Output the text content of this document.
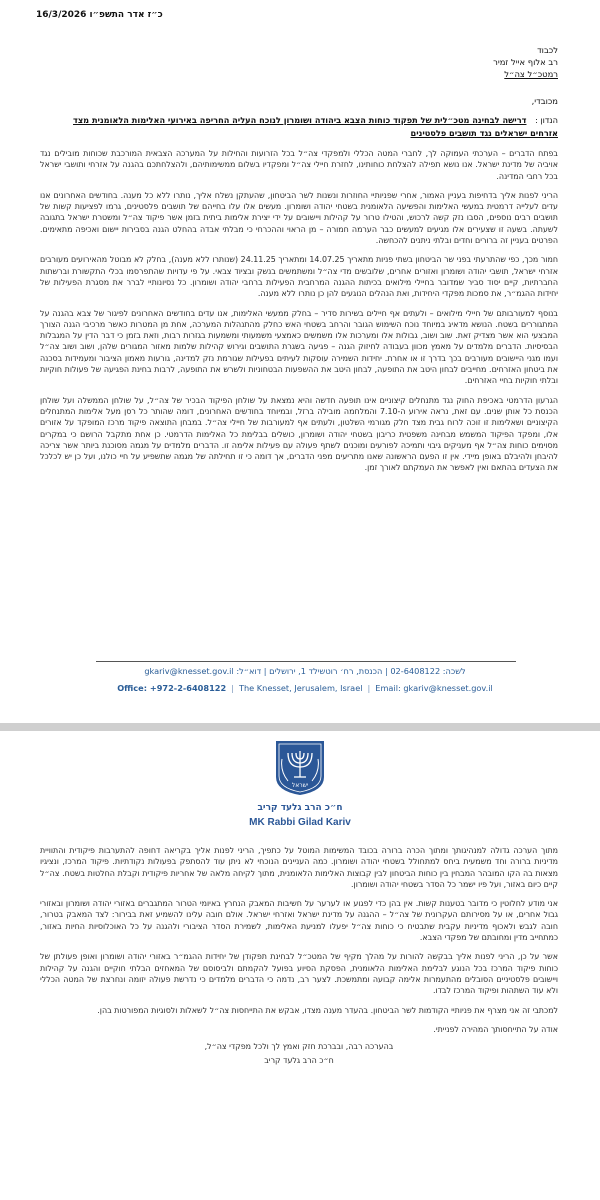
כ״ז אדר התשפ״ו 16/3/2026
לכבוד
רב אלוף אייל זמיר
רמטכ״ל צה״ל
מכובדי,
הנדון : דרישה לבחינה מטכ״לית של תפקוד כוחות הצבא ביהודה ושומרון לנוכח העליה החריפה באירועי האלימות הלאומנית מצד אזרחים ישראלים נגד תושבים פלסטינים

בפתח הדברים – הערכתי העמוקה לך, לחברי המטה הכללי ולמפקדי צה״ל בכל הזרועות והחילות על המערכה הצבאית המורכבת שכוחות מובילים נגד אויביה של מדינת ישראל. אנו נושא תפילה להצלחת כוחותינו, לחזרת חיילי צה״ל ומפקדיו בשלום ממשימותיהם, ולהצלחתכם בהגנה על אזרחי ותושבי ישראל בכל רחבי המדינה.

הריני לפנות אליך בדחיפות בעניין האמור, אחרי שפניותיי החוזרות ונשנות לשר הביטחון, שהעתקן נשלח אליך, נותרו ללא כל מענה. בחודשים האחרונים אנו עדים לעלייה דרמטית במעשי האלימות והפשיעה הלאומנית בשטחי יהודה ושומרון. מעשים אלו עלו בחייהם של תושבים פלסטינים, גרמו לפציעות קשות של תושבים רבים נוספים, הסבו נזק קשה לרכוש, והטילו טרור על קהילות ויישובים על ידי יצירת אלימות ביתית בזמן אשר פיקוד צה״ל ומשטרת ישראל בתגובה לשעתה. בשעה זו שצעירים אלו מגיעים למעשים כבר הערמה חמורה – מן הראוי וההכרחי כי מבלתי אבדה בהחלט הגנה בסבירות יישום ואכיפה מתאימים. הפרטים בעניין זה ברורים וחדים ובלתי ניתנים להכחשה.

חמור מכך, כפי שהתרעתי בפני שר הביטחון בשתי פניות מתאריך 14.07.25 ומתאריך 24.11.25 (שנותרו ללא מענה), בחלק לא מבוטל מהאירועים מעורבים אזרחי ישראל, תושבי יהודה ושומרון ואזורים אחרים, שלובשים מדי צה״ל ומשתמשים בנשק ובציוד צבאי. על פי עדויות שהתפרסמו בכלי התקשורת וברשתות החברתיות, קיים יסוד סביר שמדובר בחיילי מילואים בכיתות ההגנה המרחבית הפעילות ברחבי יהודה ושומרון. כל נסיונותיי לברר את מסגרת הפעילות של יחידות ההגמ״ר, את סמכות מפקדי היחידות, ואת הנהלים הנוגעים להן כן נותרו ללא מענה.

בנוסף למעורבותם של חיילי מילואים – ולעתים אף חיילים בשירות סדיר – בחלק ממעשי האלימות, אנו עדים בחודשים האחרונים לפיגור של צבא בהגנה על המתגוררים בשטח. הנושא מדאיג במיוחד נוכח השימוש הגובר והרחב בשטחי האש כחלק מהתנהלות המערכה, אחת מן המטרות כאשר מרכיבי הגנה הצורך המבצעי הוא אשר מצדיק זאת. שוב ושוב, גבולות אלו ומערכות אלו משמשים כאמצעי משמעותי ומשמעות בגזרות רבות, וזאת בזמן כי דבר הדין על המגבלות הבסיסיות. הדברים מלמדים על מאמץ מכוון בעבודה לחיזוק הגנה – פגיעה בשגרת התושבים וגירוש קהילות שלמות מאזור המגורים שלהן, ושוב ושוב צה״ל ועמו מגני היישובים מעורבים בכך בדרך זו או אחרת. יחידות השמירה עוסקות לעיתים בפעילות שגורמת נזק למדינה, גורעות מאמון הציבור ומעמידות בסכנה את ביטחון האזרחים. מחייבים לבחון היטב את התופעה, לבחון היטב את ההשפעות הבטחוניות ולשרש את התופעה, לרבות בחינת הפגיעה של פעולות חוקיות ובלתי חוקיות בחיי האזרחים.

הגרעון הדרמטי באכיפת החוק נגד מתנחלים קיצוניים אינו תופעה חדשה והיא נמצאת על שולחן הפיקוד הבכיר של צה״ל, על שולחן הממשלה ועל שולחן הכנסת כל אותן שנים. עם זאת, נראה אירוע ה-7.10 והמלחמה מובילה ברזל, ובמיוחד בחודשים האחרונים, דומה שהותר כל רסן מעל אלימות המתנחלים הקיצוניים ושאלימות זו זוכה לרוח גבית מצד חלק מגורמי השלטון, ולעתים אף למעורבות של חיילי צה״ל. במבחן התוצאה פיקוד מרכז המופקד על אזורים אלו, ומפקד הפיקוד המשמש מבחינה משפטית כריבון בשטחי יהודה ושומרון, כושלים בבלימת כל האלימות הדרמטי. כן אחת מתקבל הרושם כי במקרים מסוימים כוחות צה״ל אף מעניקים גיבוי ותמיכה לפורעים ומוכנים לשתף פעולה עם פעילות אלימה זו. הדברים מלמדים על מגמה מסוכנת ביותר אשר צריכה להיבחן ולהיבלם באופן מיידי. אין זו הפעם הראשונה שאנו מתריעים מפני הדברים, אך דומה כי זו תחילתה של מגמה שתשפיע על חיי כולנו, ועל כן יש לכלכל את הצעדים בהתאם ואין לאפשר את העמקתם לאורך זמן.

לשכה: 02-6408122 | הכנסת, רח׳ רוטשילד 1, ירושלים | דוא״ל: gkariv@knesset.gov.il
Office: +972-2-6408122 | The Knesset, Jerusalem, Israel | Email: gkariv@knesset.gov.il
ישראל
ח״כ הרב גלעד קריב
MK Rabbi Gilad Kariv

מתוך הערכה גדולה למנהיגותך ומתוך הכרה ברורה בכובד המשימות המוטל על כתפיך, הריני לפנות אליך בקריאה דחופה להתערבות פיקודית והתוויית מדיניות ברורה וחד משמעית ביחס למתחולל בשטחי יהודה ושומרון. כמה העניינים הנוכחי לא ניתן עוד להסתפק בפעולות נקודתיות. פיקוד המרכז, ונציגיו מצאות בה הקו המובהר המבחין בין כוחות הביטחון לבין קבוצות האלימות הלאומנית, מתוך לקיחה מלאה של אחריות פיקודית וקבלת החלטות בשטח. צה״ל קיים כיום באזור, ועל פיו ישמר כל הסדר בשטחי יהודה ושומרון.

אני מודע לחלוטין כי מדובר בטענות קשות. אין בהן כדי לפגוע או לערער על חשיבות המאבק הנחרץ באיומי הטרור המתגברים באזורי יהודה ושומרון ובאזורי גבול אחרים, או על מסירותם העקרונית של צה״ל – ההגנה על מדינת ישראל ואזרחי ישראל. אולם חובה עלינו להשמיע זאת בבירור: לצד המאבק בטרור, חובה לגבש ולאכוף מדיניות עקבית שתבטיח כי כוחות צה״ל יפעלו למניעת האלימות, לשמירת הסדר הציבורי ולהגנה על כל האוכלוסיות החיות באזור, כמתחייב מדין ומחובתם של מפקדי הצבא.

אשר על כן, הריני לפנות אליך בבקשה להורות על מהלך מקיף של המטכ״ל לבחינת תפקודן של יחידות ההגמ״ר באזורי יהודה ושומרון ואופן פעולתן של כוחות פיקוד המרכז בכל הנוגע לבלימת האלימות הלאומנית, הפסקת הסיוע בפועל להקמתם ולביסוסם של המאחזים הבלתי חוקיים והגנה על קהילות ויישובים פלסטיניים הסובלים מהתעמרות אלימה קבועה ומתמשכת. לצער רב, נדמה כי הדברים מלמדים כי נדרשת פעולה יזומה ונחרצת של המטה הכללי ולא עוד השתהות ופיקוד המרכז לבדו.

למכתבי זה אני מצרף את פניותיי הקודמות לשר הביטחון. בהעדר מענה מצדו, אבקש את התייחסות צה״ל לשאלות ולסוגיות המפורטות בהן.

אודה על התייחסותך המהירה לפנייתי.

בהערכה רבה, ובברכת חזק ואמץ לך ולכל מפקדי צה״ל,
ח״כ הרב גלעד קריב
